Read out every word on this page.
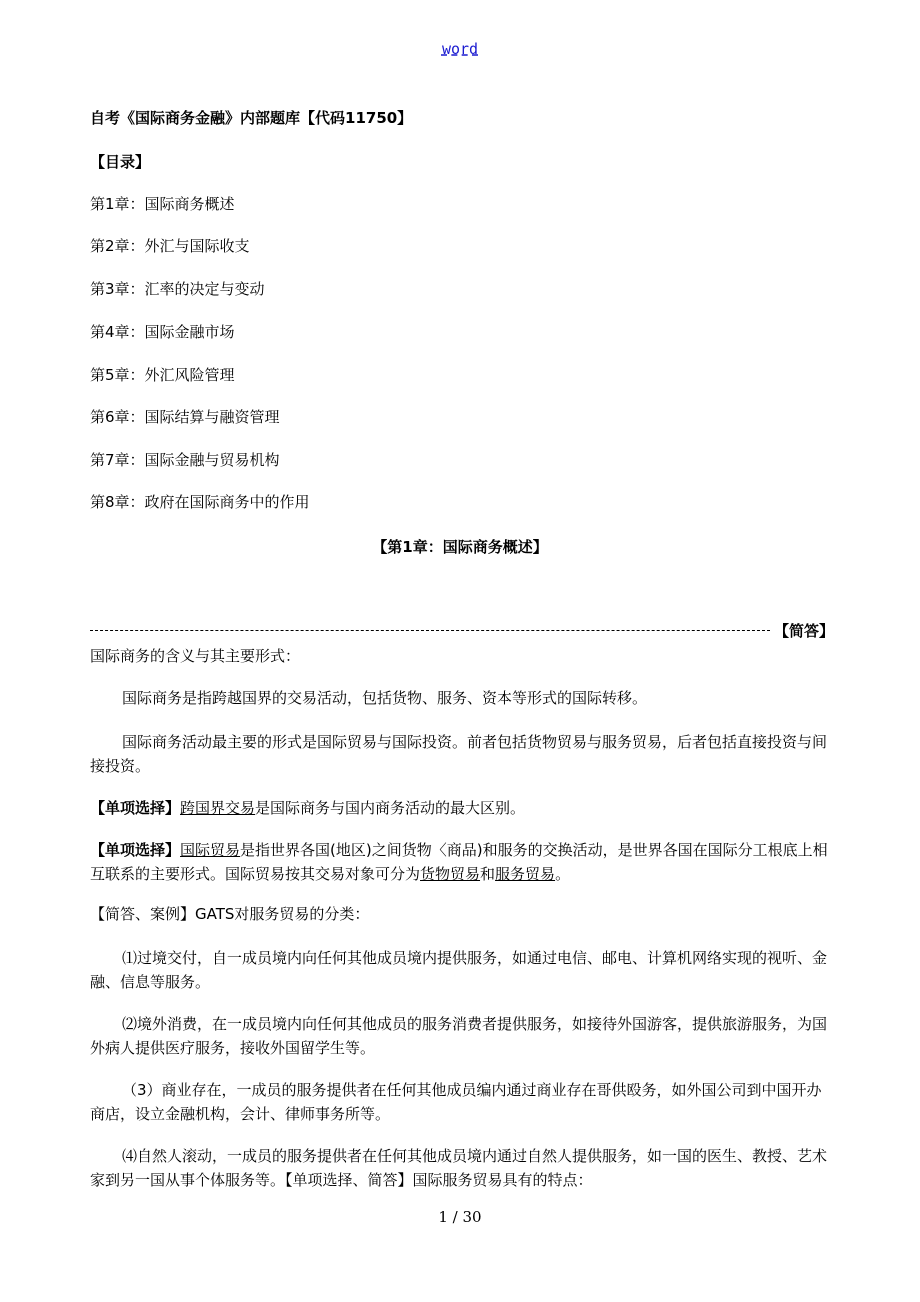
word
自考《国际商务金融》内部题库【代码11750】
【目录】
第1章：国际商务概述
第2章：外汇与国际收支
第3章：汇率的决定与变动
第4章：国际金融市场
第5章：外汇风险管理
第6章：国际结算与融资管理
第7章：国际金融与贸易机构
第8章：政府在国际商务中的作用
【第1章：国际商务概述】
【简答】
国际商务的含义与其主要形式：
国际商务是指跨越国界的交易活动，包括货物、服务、资本等形式的国际转移。
国际商务活动最主要的形式是国际贸易与国际投资。前者包括货物贸易与服务贸易，后者包括直接投资与间接投资。
【单项选择】跨国界交易是国际商务与国内商务活动的最大区别。
【单项选择】国际贸易是指世界各国(地区)之间货物〈商品)和服务的交换活动，是世界各国在国际分工根底上相互联系的主要形式。国际贸易按其交易对象可分为货物贸易和服务贸易。
【简答、案例】GATS对服务贸易的分类：
⑴过境交付，自一成员境内向任何其他成员境内提供服务，如通过电信、邮电、计算机网络实现的视听、金融、信息等服务。
⑵境外消费，在一成员境内向任何其他成员的服务消费者提供服务，如接待外国游客，提供旅游服务，为国外病人提供医疗服务，接收外国留学生等。
（3）商业存在，一成员的服务提供者在任何其他成员编内通过商业存在哥供殴务，如外国公司到中国开办商店，设立金融机构，会计、律师事务所等。
⑷自然人滚动，一成员的服务提供者在任何其他成员境内通过自然人提供服务，如一国的医生、教授、艺术家到另一国从事个体服务等。【单项选择、简答】国际服务贸易具有的特点：
1 / 30
